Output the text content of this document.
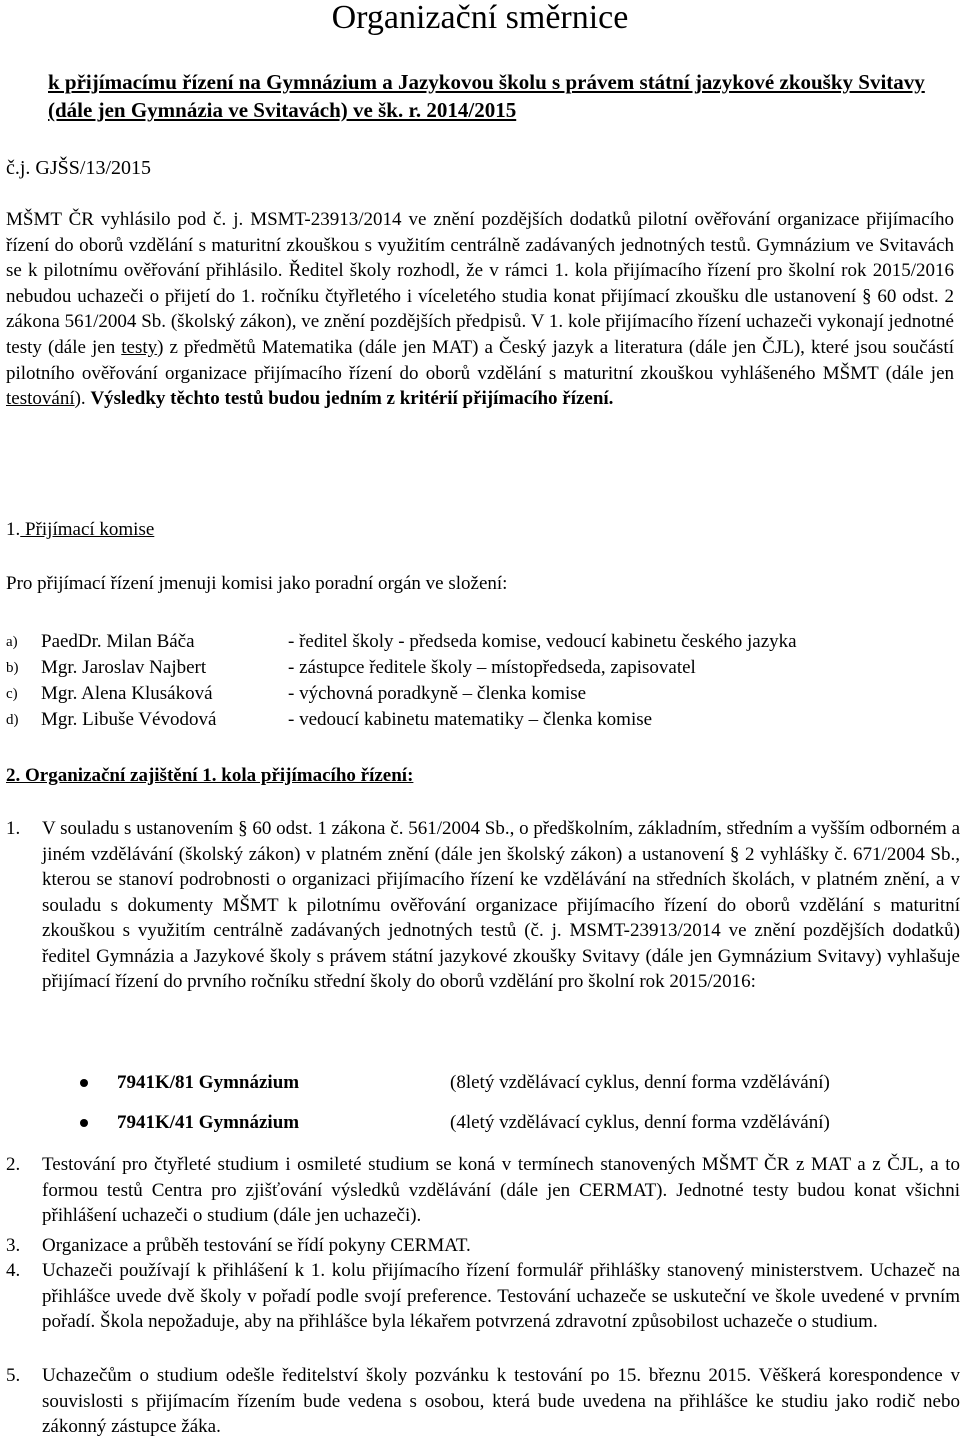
Organizační směrnice
k přijímacímu řízení na Gymnázium a Jazykovou školu s právem státní jazykové zkoušky Svitavy (dále jen Gymnázia ve Svitavách) ve šk. r. 2014/2015
č.j. GJŠS/13/2015

MŠMT ČR vyhlásilo pod č. j. MSMT-23913/2014 ve znění pozdějších dodatků pilotní ověřování organizace přijímacího řízení do oborů vzdělání s maturitní zkouškou s využitím centrálně zadávaných jednotných testů. Gymnázium ve Svitavách se k pilotnímu ověřování přihlásilo. Ředitel školy rozhodl, že v rámci 1. kola přijímacího řízení pro školní rok 2015/2016 nebudou uchazeči o přijetí do 1. ročníku čtyřletého i víceletého studia konat přijímací zkoušku dle ustanovení § 60 odst. 2 zákona 561/2004 Sb. (školský zákon), ve znění pozdějších předpisů. V 1. kole přijímacího řízení uchazeči vykonají jednotné testy (dále jen testy) z předmětů Matematika (dále jen MAT) a Český jazyk a literatura (dále jen ČJL), které jsou součástí pilotního ověřování organizace přijímacího řízení do oborů vzdělání s maturitní zkouškou vyhlášeného MŠMT (dále jen testování). Výsledky těchto testů budou jedním z kritérií přijímacího řízení.

1. Přijímací komise
Pro přijímací řízení jmenuji komisi jako poradní orgán ve složení:
a)	PaedDr. Milan Báča	- ředitel školy - předseda komise, vedoucí kabinetu českého jazyka
b)	Mgr. Jaroslav Najbert	- zástupce ředitele školy – místopředseda, zapisovatel
c)	Mgr. Alena Klusáková	- výchovná poradkyně – členka komise
d)	Mgr. Libuše Vévodová	- vedoucí kabinetu matematiky – členka komise
2. Organizační zajištění 1. kola přijímacího řízení:
1. V souladu s ustanovením § 60 odst. 1 zákona č. 561/2004 Sb., o předškolním, základním, středním a vyšším odborném a jiném vzdělávání (školský zákon) v platném znění (dále jen školský zákon) a ustanovení § 2 vyhlášky č. 671/2004 Sb., kterou se stanoví podrobnosti o organizaci přijímacího řízení ke vzdělávání na středních školách, v platném znění, a v souladu s dokumenty MŠMT k pilotnímu ověřování organizace přijímacího řízení do oborů vzdělání s maturitní zkouškou s využitím centrálně zadávaných jednotných testů (č. j. MSMT-23913/2014 ve znění pozdějších dodatků) ředitel Gymnázia a Jazykové školy s právem státní jazykové zkoušky Svitavy (dále jen Gymnázium Svitavy) vyhlašuje přijímací řízení do prvního ročníku střední školy do oborů vzdělání pro školní rok 2015/2016:
7941K/81 Gymnázium	(8letý vzdělávací cyklus, denní forma vzdělávání)
7941K/41 Gymnázium	(4letý vzdělávací cyklus, denní forma vzdělávání)
2. Testování pro čtyřleté studium i osmileté studium se koná v termínech stanovených MŠMT ČR z MAT a z ČJL, a to formou testů Centra pro zjišťování výsledků vzdělávání (dále jen CERMAT). Jednotné testy budou konat všichni přihlášení uchazeči o studium (dále jen uchazeči).
3. Organizace a průběh testování se řídí pokyny CERMAT.
4. Uchazeči používají k přihlášení k 1. kolu přijímacího řízení formulář přihlášky stanovený ministerstvem. Uchazeč na přihlášce uvede dvě školy v pořadí podle svojí preference. Testování uchazeče se uskuteční ve škole uvedené v prvním pořadí. Škola nepožaduje, aby na přihlášce byla lékařem potvrzená zdravotní způsobilost uchazeče o studium.
5. Uchazečům o studium odešle ředitelství školy pozvánku k testování po 15. březnu 2015. Věškerá korespondence v souvislosti s přijímacím řízením bude vedena s osobou, která bude uvedena na přihlášce ke studiu jako rodič nebo zákonný zástupce žáka.
